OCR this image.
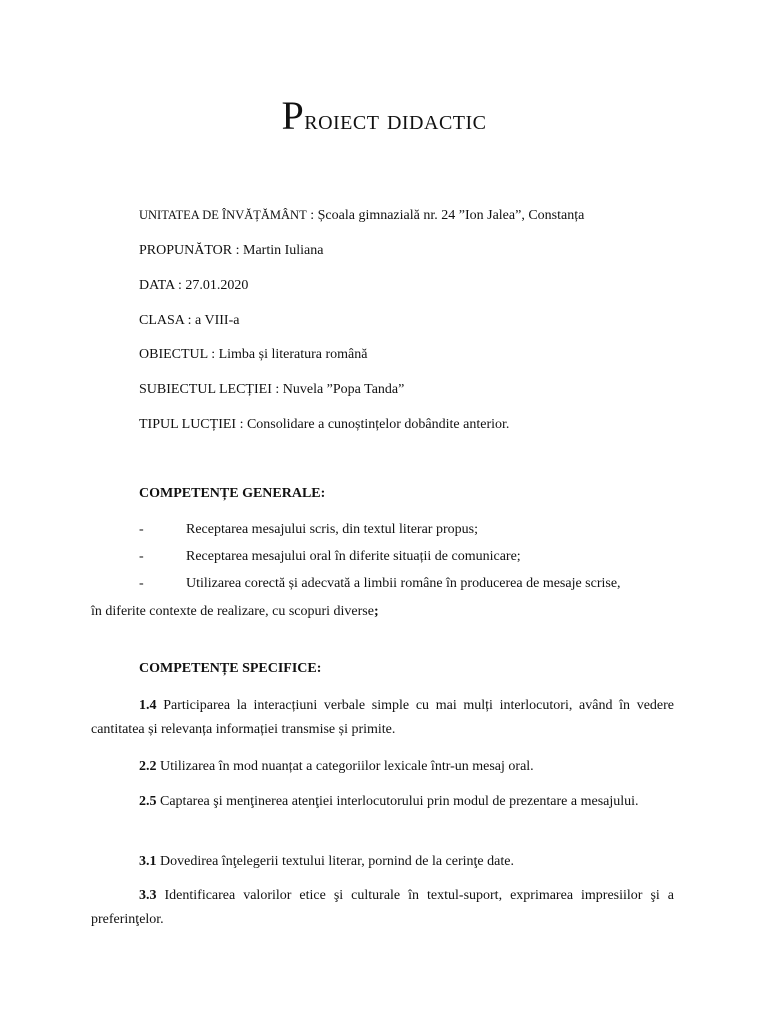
Proiect didactic
UNITATEA DE ÎNVĂȚĂMÂNT : Școala gimnazială nr. 24 ”Ion Jalea”, Constanța
PROPUNĂTOR : Martin Iuliana
DATA : 27.01.2020
CLASA : a VIII-a
OBIECTUL : Limba și literatura română
SUBIECTUL LECȚIEI : Nuvela ”Popa Tanda”
TIPUL LUCȚIEI : Consolidare a cunoștințelor dobândite anterior.
COMPETENȚE GENERALE:
-	Receptarea mesajului scris, din textul literar propus;
-	Receptarea mesajului oral în diferite situații de comunicare;
-	Utilizarea corectă și adecvată a limbii române în producerea de mesaje scrise,
în diferite contexte de realizare, cu scopuri diverse;
COMPETENȚE SPECIFICE:
1.4 Participarea la interacțiuni verbale simple cu mai mulți interlocutori, având în vedere cantitatea și relevanța informației transmise și primite.
2.2 Utilizarea în mod nuanțat a categoriilor lexicale într-un mesaj oral.
2.5 Captarea şi menţinerea atenţiei interlocutorului prin modul de prezentare a mesajului.
3.1 Dovedirea înţelegerii textului literar, pornind de la cerinţe date.
3.3 Identificarea valorilor etice şi culturale în textul-suport, exprimarea impresiilor şi a preferinţelor.
